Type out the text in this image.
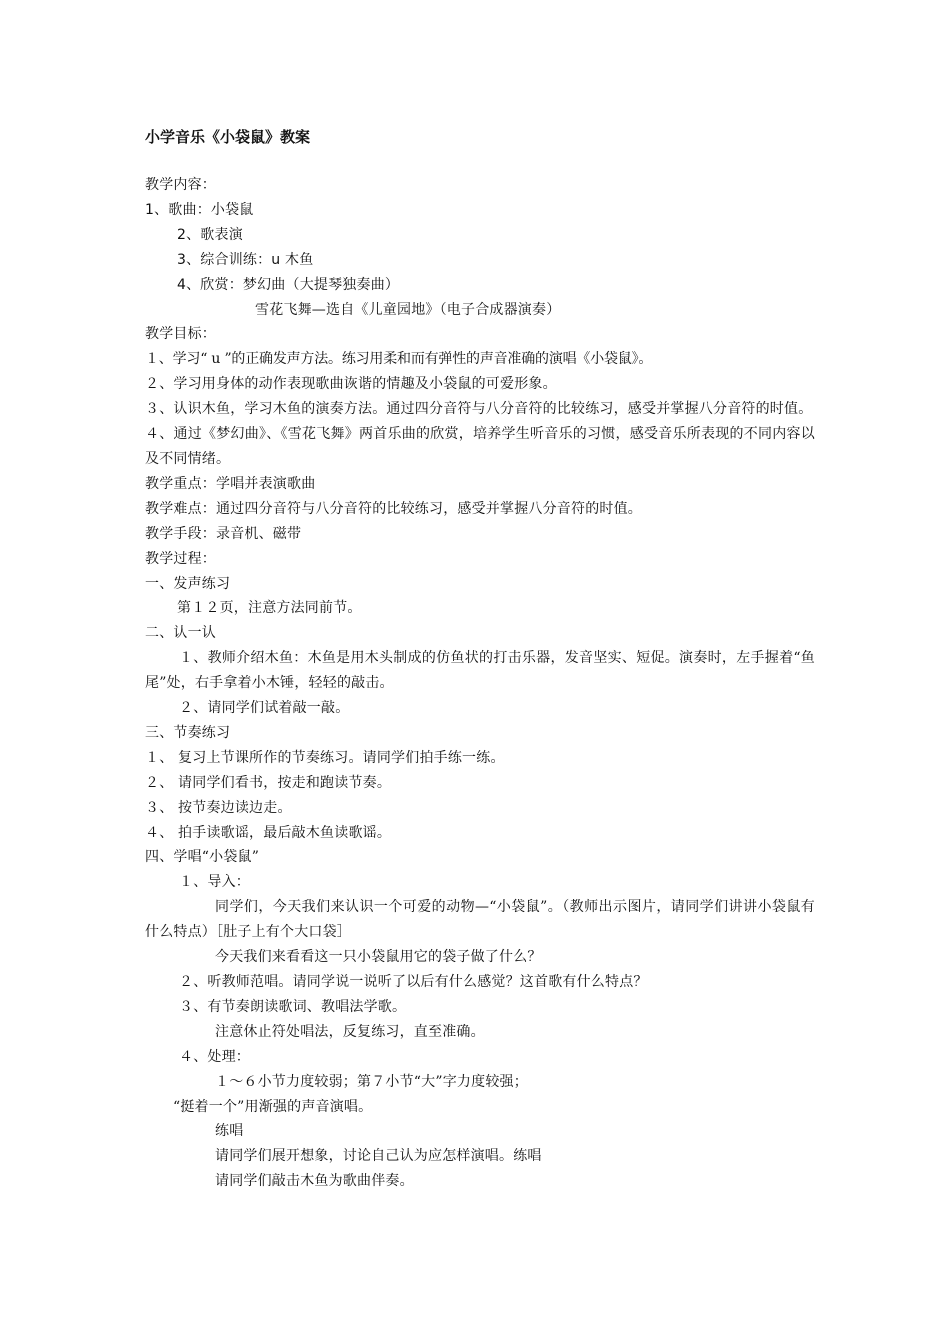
小学音乐《小袋鼠》教案
教学内容：
1、歌曲：小袋鼠
2、歌表演
3、综合训练：u 木鱼
4、欣赏：梦幻曲（大提琴独奏曲）
雪花飞舞—选自《儿童园地》（电子合成器演奏）
教学目标：
１、学习“ u ”的正确发声方法。练习用柔和而有弹性的声音准确的演唱《小袋鼠》。
２、学习用身体的动作表现歌曲诙谐的情趣及小袋鼠的可爱形象。
３、认识木鱼，学习木鱼的演奏方法。通过四分音符与八分音符的比较练习，感受并掌握八分音符的时值。
４、通过《梦幻曲》、《雪花飞舞》两首乐曲的欣赏，培养学生听音乐的习惯，感受音乐所表现的不同内容以及不同情绪。
教学重点：学唱并表演歌曲
教学难点：通过四分音符与八分音符的比较练习，感受并掌握八分音符的时值。
教学手段：录音机、磁带
教学过程：
一、发声练习
第１２页，注意方法同前节。
二、认一认
１、教师介绍木鱼：木鱼是用木头制成的仿鱼状的打击乐器，发音坚实、短促。演奏时，左手握着“鱼尾”处，右手拿着小木锤，轻轻的敲击。
２、请同学们试着敲一敲。
三、节奏练习
１、 复习上节课所作的节奏练习。请同学们拍手练一练。
２、 请同学们看书，按走和跑读节奏。
３、 按节奏边读边走。
４、 拍手读歌谣，最后敲木鱼读歌谣。
四、学唱“小袋鼠”
１、导入：
同学们，今天我们来认识一个可爱的动物—“小袋鼠”。（教师出示图片，请同学们讲讲小袋鼠有什么特点）［肚子上有个大口袋］
今天我们来看看这一只小袋鼠用它的袋子做了什么？
２、听教师范唱。请同学说一说听了以后有什么感觉？这首歌有什么特点？
３、有节奏朗读歌词、教唱法学歌。
注意休止符处唱法，反复练习，直至准确。
４、处理：
１～６小节力度较弱；第７小节“大”字力度较强；
“挺着一个”用渐强的声音演唱。
练唱
请同学们展开想象，讨论自己认为应怎样演唱。练唱
请同学们敲击木鱼为歌曲伴奏。
